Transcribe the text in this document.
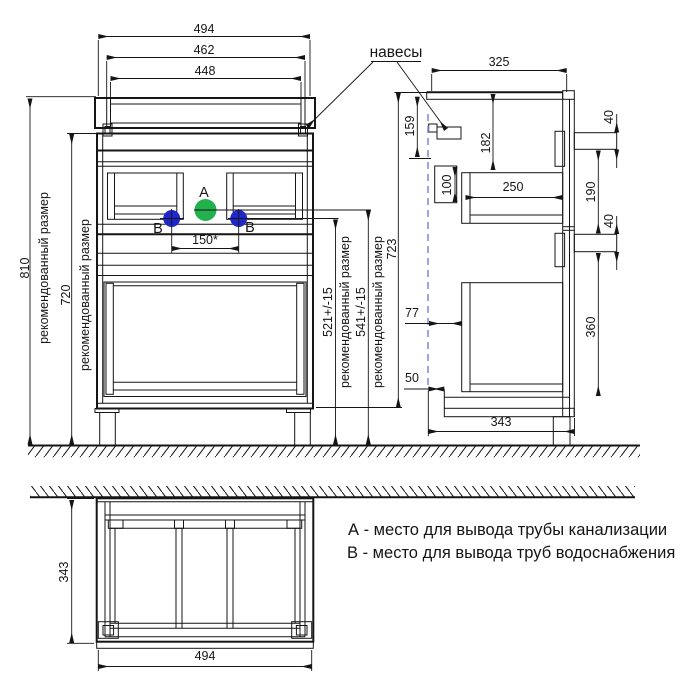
494
462
448
810 рекомендованный размер 720 рекомендованный размер	150*
521+/-15 рекомендованный размер 541+/-15 рекомендованный размер 723
A
B	B
325
159
182
100	250
40
190
40
77
50
360
343
навесы
343
494
А - место для вывода трубы канализации
В - место для вывода труб водоснабжения
